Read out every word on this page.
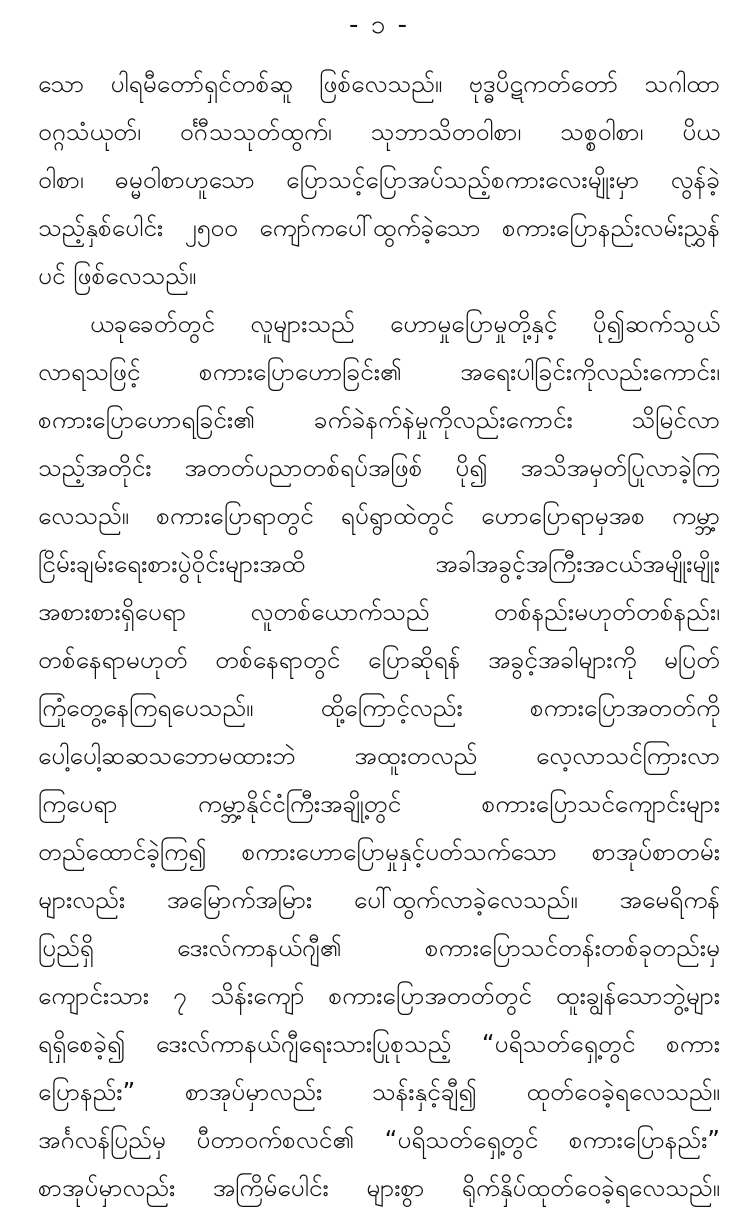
- ၁ -
သော ပါရမီတော်ရှင်တစ်ဆူ ဖြစ်လေသည်။ ဗုဒ္ဓပိဋကတ်တော် သဂါထာ
ဝဂ္ဂသံယုတ်၊ ဝင်္ဂီသသုတ်ထွက်၊ သုဘာသိတဝါစာ၊ သစ္စဝါစာ၊ ပိယ
ဝါစာ၊ ဓမ္မဝါစာဟူသော ပြောသင့်ပြောအပ်သည့်စကားလေးမျိုးမှာ လွန်ခဲ့
သည့်နှစ်ပေါင်း ၂၅၀၀ ကျော်ကပေါ်ထွက်ခဲ့သော စကားပြောနည်းလမ်းညွှန်
ပင် ဖြစ်လေသည်။
ယခုခေတ်တွင် လူများသည် ဟောမှုပြောမှုတို့နှင့် ပို၍ဆက်သွယ်
လာရသဖြင့် စကားပြောဟောခြင်း၏ အရေးပါခြင်းကိုလည်းကောင်း၊
စကားပြောဟောရခြင်း၏ ခက်ခဲနက်နဲမှုကိုလည်းကောင်း သိမြင်လာ
သည့်အတိုင်း အတတ်ပညာတစ်ရပ်အဖြစ် ပို၍ အသိအမှတ်ပြုလာခဲ့ကြ
လေသည်။ စကားပြောရာတွင် ရပ်ရွာထဲတွင် ဟောပြောရာမှအစ ကမ္ဘာ့
ငြိမ်းချမ်းရေးစားပွဲဝိုင်းများအထိ အခါအခွင့်အကြီးအငယ်အမျိုးမျိုး
အစားစားရှိပေရာ လူတစ်ယောက်သည် တစ်နည်းမဟုတ်တစ်နည်း၊
တစ်နေရာမဟုတ် တစ်နေရာတွင် ပြောဆိုရန် အခွင့်အခါများကို မပြတ်
ကြုံတွေ့နေကြရပေသည်။ ထို့ကြောင့်လည်း စကားပြောအတတ်ကို
ပေါ့ပေါ့ဆဆသဘောမထားဘဲ အထူးတလည် လေ့လာသင်ကြားလာ
ကြပေရာ ကမ္ဘာ့နိုင်ငံကြီးအချို့တွင် စကားပြောသင်ကျောင်းများ
တည်ထောင်ခဲ့ကြ၍ စကားဟောပြောမှုနှင့်ပတ်သက်သော စာအုပ်စာတမ်း
များလည်း အမြောက်အမြား ပေါ်ထွက်လာခဲ့လေသည်။ အမေရိကန်
ပြည်ရှိ ဒေးလ်ကာနယ်ဂျီ၏ စကားပြောသင်တန်းတစ်ခုတည်းမှ
ကျောင်းသား ၇ သိန်းကျော် စကားပြောအတတ်တွင် ထူးချွန်သောဘွဲ့များ
ရရှိစေခဲ့၍ ဒေးလ်ကာနယ်ဂျီရေးသားပြုစုသည့် “ပရိသတ်ရှေ့တွင် စကား
ပြောနည်း” စာအုပ်မှာလည်း သန်းနှင့်ချီ၍ ထုတ်ဝေခဲ့ရလေသည်။
အင်္ဂလန်ပြည်မှ ပီတာဝက်စလင်၏ “ပရိသတ်ရှေ့တွင် စကားပြောနည်း”
စာအုပ်မှာလည်း အကြိမ်ပေါင်း များစွာ ရိုက်နှိပ်ထုတ်ဝေခဲ့ရလေသည်။
